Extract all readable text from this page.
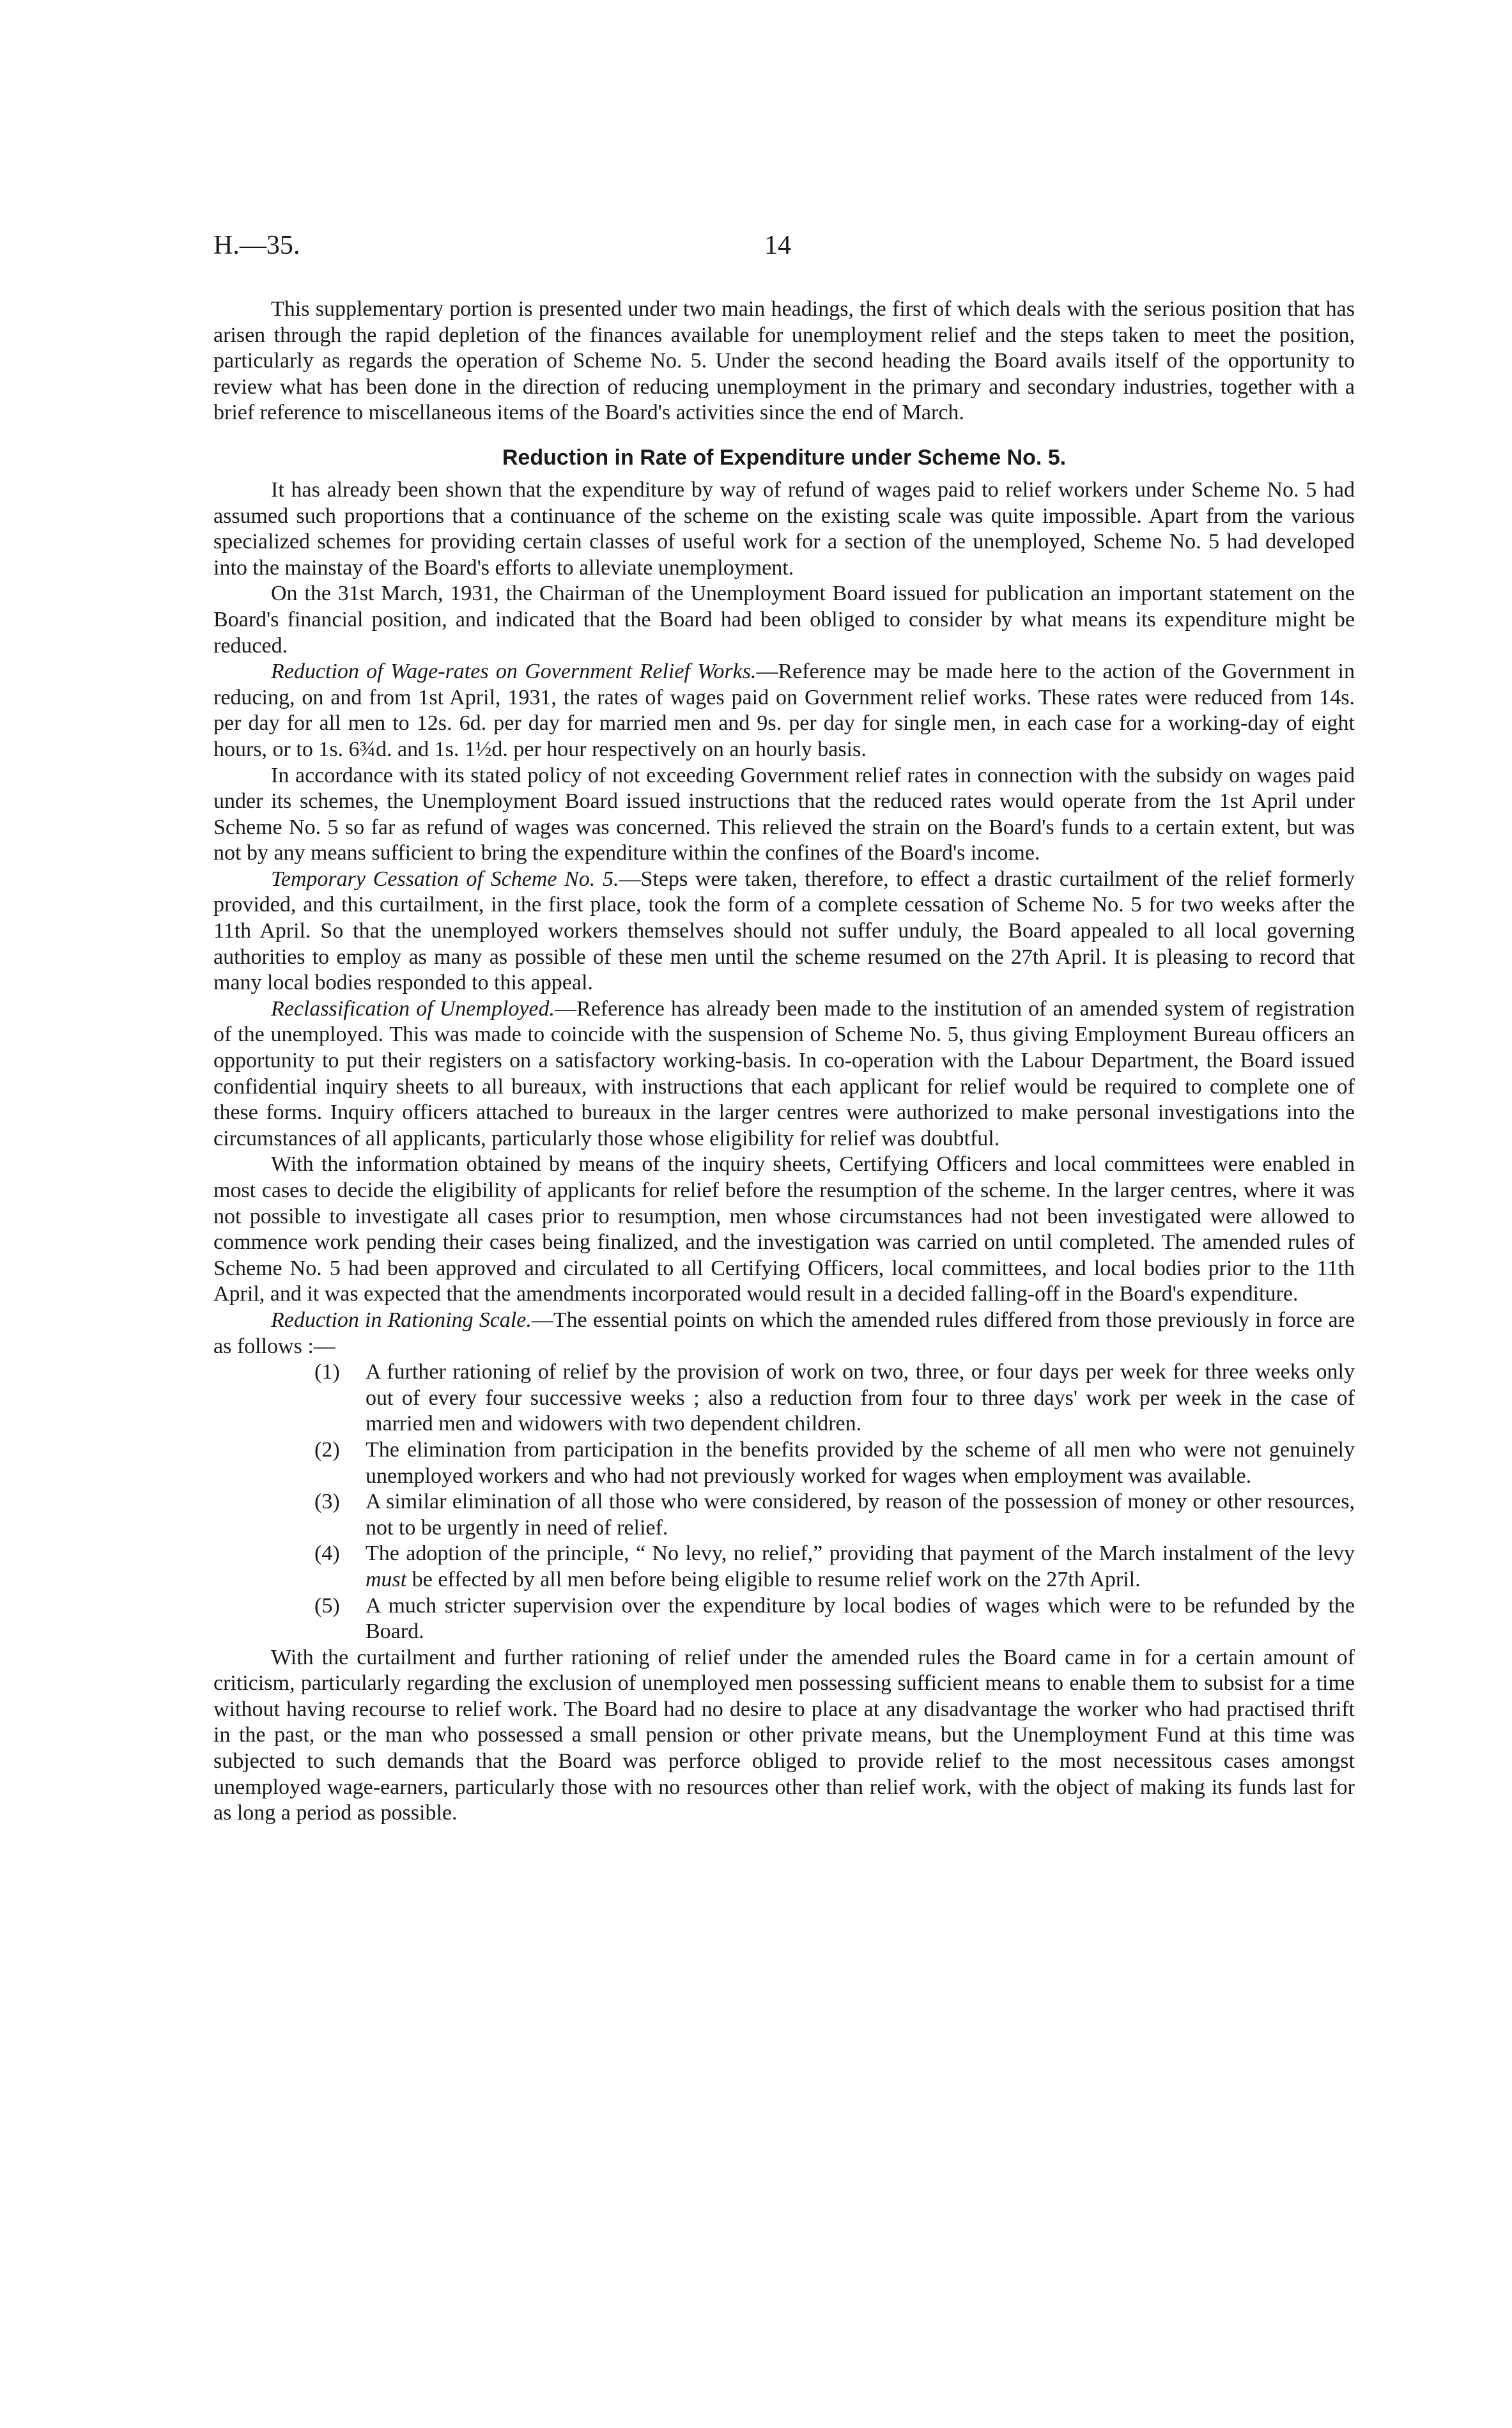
H.—35.	14

This supplementary portion is presented under two main headings, the first of which deals with the serious position that has arisen through the rapid depletion of the finances available for unemployment relief and the steps taken to meet the position, particularly as regards the operation of Scheme No. 5. Under the second heading the Board avails itself of the opportunity to review what has been done in the direction of reducing unemployment in the primary and secondary industries, together with a brief reference to miscellaneous items of the Board's activities since the end of March.

Reduction in Rate of Expenditure under Scheme No. 5.

It has already been shown that the expenditure by way of refund of wages paid to relief workers under Scheme No. 5 had assumed such proportions that a continuance of the scheme on the existing scale was quite impossible. Apart from the various specialized schemes for providing certain classes of useful work for a section of the unemployed, Scheme No. 5 had developed into the mainstay of the Board's efforts to alleviate unemployment.

On the 31st March, 1931, the Chairman of the Unemployment Board issued for publication an important statement on the Board's financial position, and indicated that the Board had been obliged to consider by what means its expenditure might be reduced.

Reduction of Wage-rates on Government Relief Works.—Reference may be made here to the action of the Government in reducing, on and from 1st April, 1931, the rates of wages paid on Government relief works. These rates were reduced from 14s. per day for all men to 12s. 6d. per day for married men and 9s. per day for single men, in each case for a working-day of eight hours, or to 1s. 6¾d. and 1s. 1½d. per hour respectively on an hourly basis.

In accordance with its stated policy of not exceeding Government relief rates in connection with the subsidy on wages paid under its schemes, the Unemployment Board issued instructions that the reduced rates would operate from the 1st April under Scheme No. 5 so far as refund of wages was concerned. This relieved the strain on the Board's funds to a certain extent, but was not by any means sufficient to bring the expenditure within the confines of the Board's income.

Temporary Cessation of Scheme No. 5.—Steps were taken, therefore, to effect a drastic curtailment of the relief formerly provided, and this curtailment, in the first place, took the form of a complete cessation of Scheme No. 5 for two weeks after the 11th April. So that the unemployed workers themselves should not suffer unduly, the Board appealed to all local governing authorities to employ as many as possible of these men until the scheme resumed on the 27th April. It is pleasing to record that many local bodies responded to this appeal.

Reclassification of Unemployed.—Reference has already been made to the institution of an amended system of registration of the unemployed. This was made to coincide with the suspension of Scheme No. 5, thus giving Employment Bureau officers an opportunity to put their registers on a satisfactory working-basis. In co-operation with the Labour Department, the Board issued confidential inquiry sheets to all bureaux, with instructions that each applicant for relief would be required to complete one of these forms. Inquiry officers attached to bureaux in the larger centres were authorized to make personal investigations into the circumstances of all applicants, particularly those whose eligibility for relief was doubtful.

With the information obtained by means of the inquiry sheets, Certifying Officers and local committees were enabled in most cases to decide the eligibility of applicants for relief before the resumption of the scheme. In the larger centres, where it was not possible to investigate all cases prior to resumption, men whose circumstances had not been investigated were allowed to commence work pending their cases being finalized, and the investigation was carried on until completed. The amended rules of Scheme No. 5 had been approved and circulated to all Certifying Officers, local committees, and local bodies prior to the 11th April, and it was expected that the amendments incorporated would result in a decided falling-off in the Board's expenditure.

Reduction in Rationing Scale.—The essential points on which the amended rules differed from those previously in force are as follows :—

(1) A further rationing of relief by the provision of work on two, three, or four days per week for three weeks only out of every four successive weeks ; also a reduction from four to three days' work per week in the case of married men and widowers with two dependent children.
(2) The elimination from participation in the benefits provided by the scheme of all men who were not genuinely unemployed workers and who had not previously worked for wages when employment was available.
(3) A similar elimination of all those who were considered, by reason of the possession of money or other resources, not to be urgently in need of relief.
(4) The adoption of the principle, “ No levy, no relief,” providing that payment of the March instalment of the levy must be effected by all men before being eligible to resume relief work on the 27th April.
(5) A much stricter supervision over the expenditure by local bodies of wages which were to be refunded by the Board.

With the curtailment and further rationing of relief under the amended rules the Board came in for a certain amount of criticism, particularly regarding the exclusion of unemployed men possessing sufficient means to enable them to subsist for a time without having recourse to relief work. The Board had no desire to place at any disadvantage the worker who had practised thrift in the past, or the man who possessed a small pension or other private means, but the Unemployment Fund at this time was subjected to such demands that the Board was perforce obliged to provide relief to the most necessitous cases amongst unemployed wage-earners, particularly those with no resources other than relief work, with the object of making its funds last for as long a period as possible.
